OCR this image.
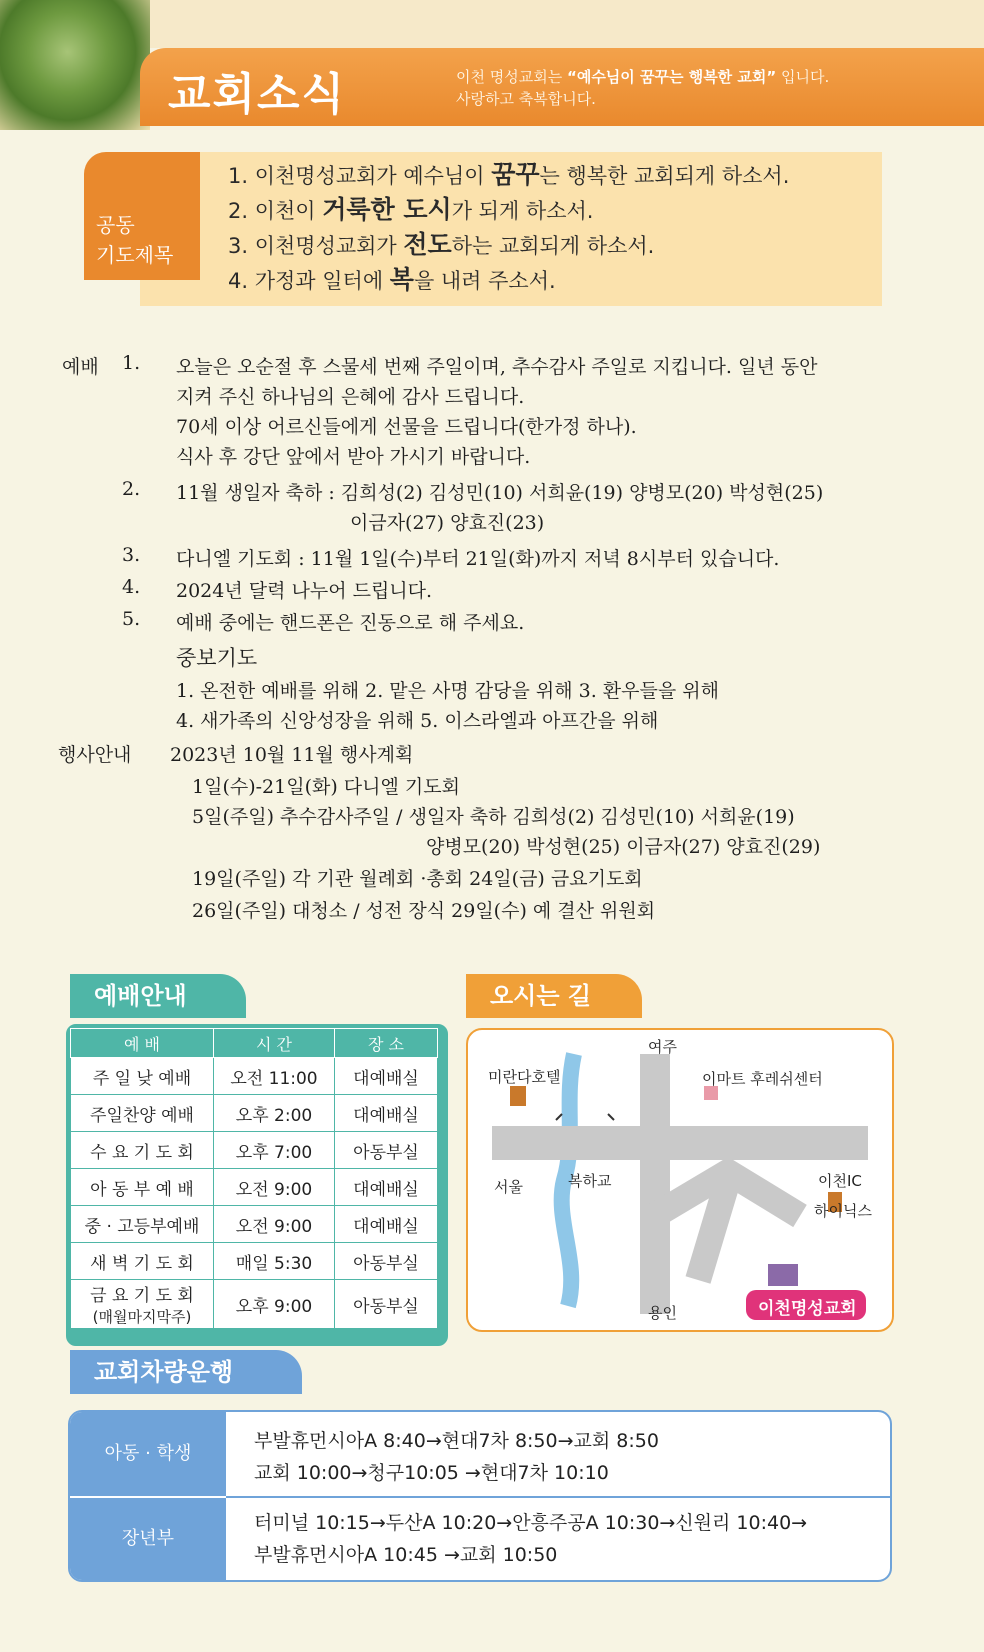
교회소식	이천 명성교회는 “예수님이 꿈꾸는 행복한 교회” 입니다.
사랑하고 축복합니다.
공동
기도제목
1. 이천명성교회가 예수님이 꿈꾸는 행복한 교회되게 하소서.
2. 이천이 거룩한 도시가 되게 하소서.
3. 이천명성교회가 전도하는 교회되게 하소서.
4. 가정과 일터에 복을 내려 주소서.
예배 1. 오늘은 오순절 후 스물세 번째 주일이며, 추수감사 주일로 지킵니다. 일년 동안
지켜 주신 하나님의 은혜에 감사 드립니다.
70세 이상 어르신들에게 선물을 드립니다(한가정 하나).
식사 후 강단 앞에서 받아 가시기 바랍니다.
2. 11월 생일자 축하 : 김희성(2) 김성민(10) 서희윤(19) 양병모(20) 박성현(25)
이금자(27) 양효진(23)
3. 다니엘 기도회 : 11월 1일(수)부터 21일(화)까지 저녁 8시부터 있습니다.
4. 2024년 달력 나누어 드립니다.
5. 예배 중에는 핸드폰은 진동으로 해 주세요.
중보기도
1. 온전한 예배를 위해 2. 맡은 사명 감당을 위해 3. 환우들을 위해
4. 새가족의 신앙성장을 위해 5. 이스라엘과 아프간을 위해
행사안내 2023년 10월 11월 행사계획
1일(수)-21일(화) 다니엘 기도회
5일(주일) 추수감사주일 / 생일자 축하 김희성(2) 김성민(10) 서희윤(19)
양병모(20) 박성현(25) 이금자(27) 양효진(29)
19일(주일) 각 기관 월례회 ·총회 24일(금) 금요기도회
26일(주일) 대청소 / 성전 장식 29일(수) 예 결산 위원회
예배안내
예 배	시 간	장 소
주 일 낮 예배	오전 11:00	대예배실
주일찬양 예배	오후 2:00	대예배실
수 요 기 도 회	오후 7:00	아동부실
아 동 부 예 배	오전 9:00	대예배실
중 · 고등부예배	오전 9:00	대예배실
새 벽 기 도 회	매일 5:30	아동부실
금 요 기 도 회
(매월마지막주)	오후 9:00	아동부실
오시는 길
여주
미란다호텔	이마트 후레쉬센터
서울	복하교	이천IC
하이닉스
용인	이천명성교회
교회차량운행
아동 · 학생
부발휴먼시아A 8:40→현대7차 8:50→교회 8:50
교회 10:00→청구10:05 →현대7차 10:10
장년부
터미널 10:15→두산A 10:20→안흥주공A 10:30→신원리 10:40→
부발휴먼시아A 10:45 →교회 10:50
